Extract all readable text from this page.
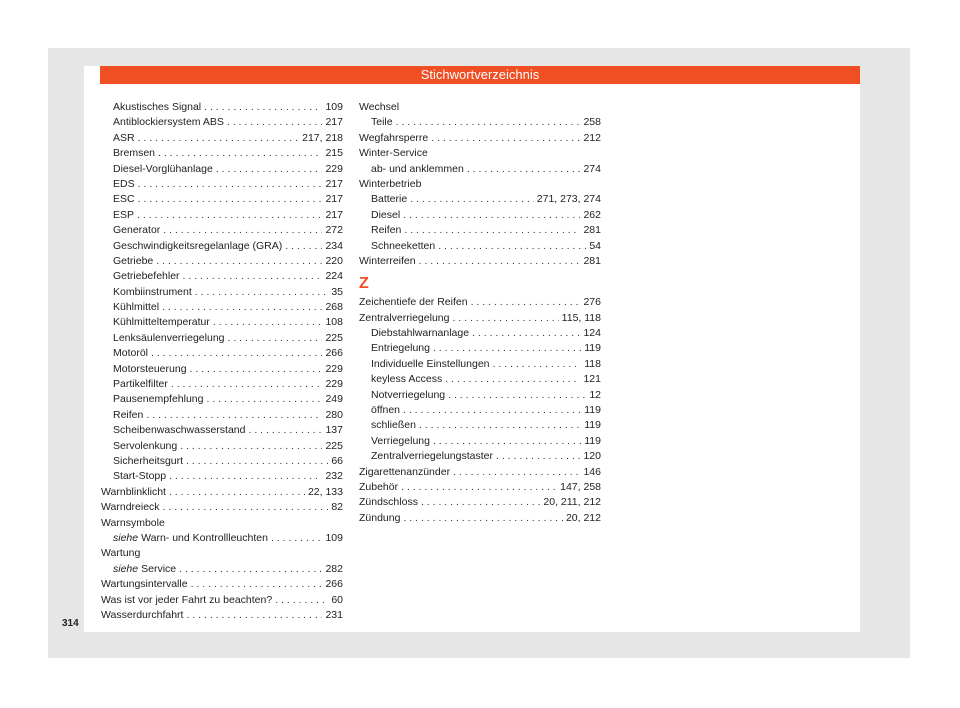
Stichwortverzeichnis
Akustisches Signal . . .	109
Antiblockiersystem ABS . . .	217
ASR . . .	217, 218
Bremsen . . .	215
Diesel-Vorglühanlage . . .	229
EDS . . .	217
ESC . . .	217
ESP . . .	217
Generator . . .	272
Geschwindigkeitsregelanlage (GRA) . . .	234
Getriebe . . .	220
Getriebefehler . . .	224
Kombiinstrument . . .	35
Kühlmittel . . .	268
Kühlmitteltemperatur . . .	108
Lenksäulenverriegelung . . .	225
Motoröl . . .	266
Motorsteuerung . . .	229
Partikelfilter . . .	229
Pausenempfehlung . . .	249
Reifen . . .	280
Scheibenwaschwasserstand . . .	137
Servolenkung . . .	225
Sicherheitsgurt . . .	66
Start-Stopp . . .	232
Warnblinklicht . . .	22, 133
Warndreieck . . .	82
Warnsymbole
siehe Warn- und Kontrollleuchten . . .	109
Wartung
siehe Service . . .	282
Wartungsintervalle . . .	266
Was ist vor jeder Fahrt zu beachten? . . .	60
Wasserdurchfahrt . . .	231
Wechsel
Teile . . .	258
Wegfahrsperre . . .	212
Winter-Service
ab- und anklemmen . . .	274
Winterbetrieb
Batterie . . .	271, 273, 274
Diesel . . .	262
Reifen . . .	281
Schneeketten . . .	54
Winterreifen . . .	281
Z
Zeichentiefe der Reifen . . .	276
Zentralverriegelung . . .	115, 118
Diebstahlwarnanlage . . .	124
Entriegelung . . .	119
Individuelle Einstellungen . . .	118
keyless Access . . .	121
Notverriegelung . . .	12
öffnen . . .	119
schließen . . .	119
Verriegelung . . .	119
Zentralverriegelungstaster . . .	120
Zigarettenanzünder . . .	146
Zubehör . . .	147, 258
Zündschloss . . .	20, 211, 212
Zündung . . .	20, 212
314
